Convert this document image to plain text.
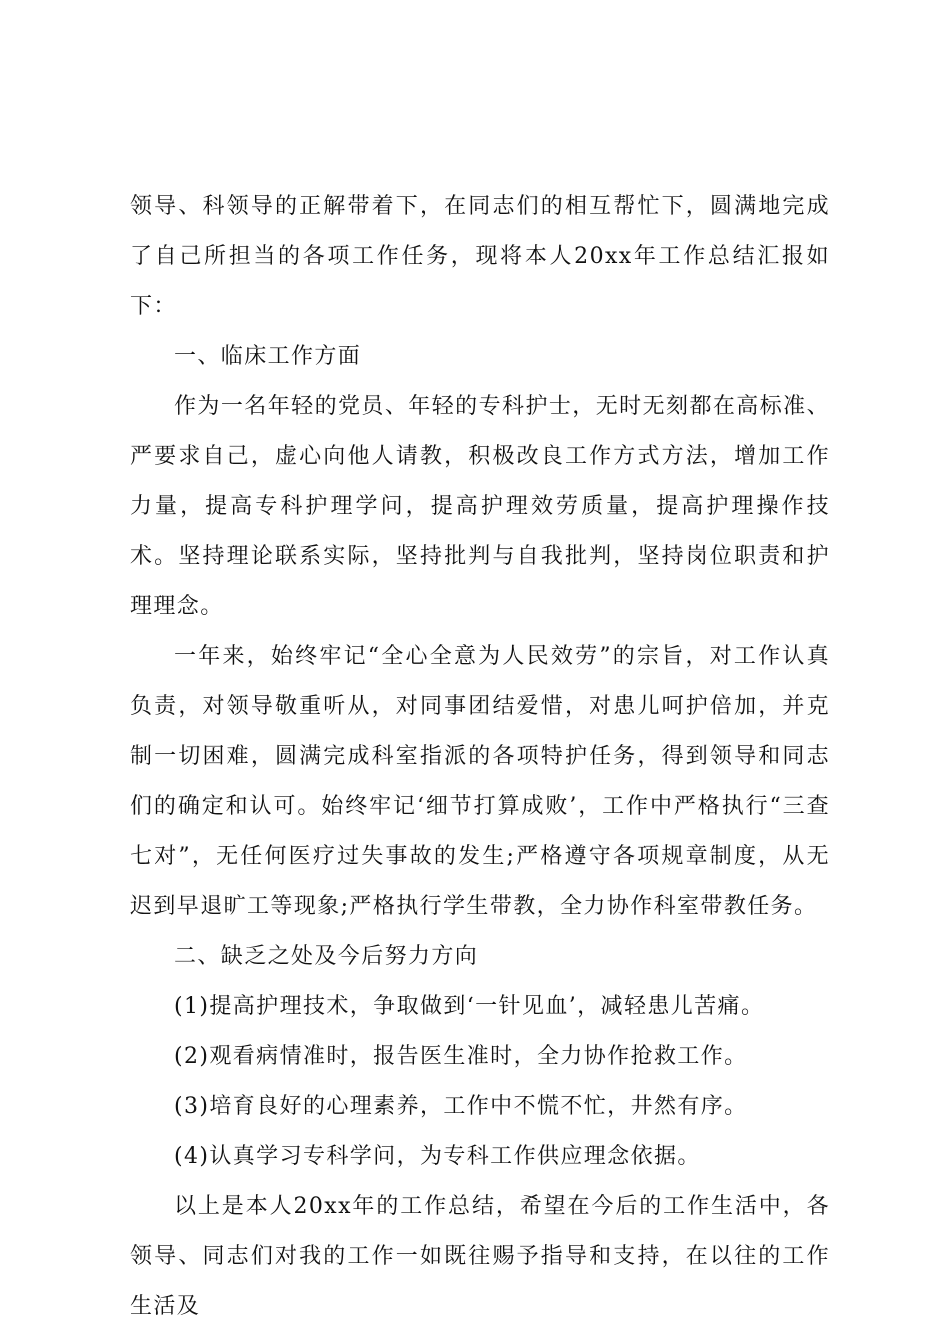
领导、科领导的正解带着下，在同志们的相互帮忙下，圆满地完成了自己所担当的各项工作任务，现将本人20xx年工作总结汇报如下：

一、临床工作方面

作为一名年轻的党员、年轻的专科护士，无时无刻都在高标准、严要求自己，虚心向他人请教，积极改良工作方式方法，增加工作力量，提高专科护理学问，提高护理效劳质量，提高护理操作技术。坚持理论联系实际，坚持批判与自我批判，坚持岗位职责和护理理念。

一年来，始终牢记“全心全意为人民效劳”的宗旨，对工作认真负责，对领导敬重听从，对同事团结爱惜，对患儿呵护倍加，并克制一切困难，圆满完成科室指派的各项特护任务，得到领导和同志们的确定和认可。始终牢记‘细节打算成败’，工作中严格执行“三查七对”，无任何医疗过失事故的发生;严格遵守各项规章制度，从无迟到早退旷工等现象;严格执行学生带教，全力协作科室带教任务。

二、缺乏之处及今后努力方向

(1)提高护理技术，争取做到‘一针见血’，减轻患儿苦痛。

(2)观看病情准时，报告医生准时，全力协作抢救工作。

(3)培育良好的心理素养，工作中不慌不忙，井然有序。

(4)认真学习专科学问，为专科工作供应理念依据。

以上是本人20xx年的工作总结，希望在今后的工作生活中，各领导、同志们对我的工作一如既往赐予指导和支持，在以往的工作生活及
